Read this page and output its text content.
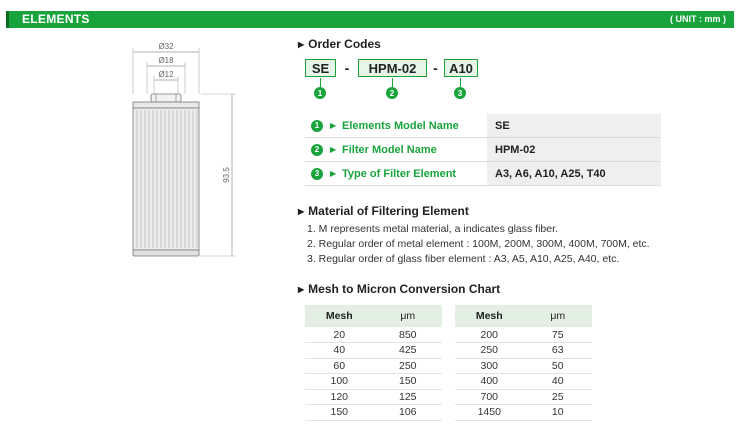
ELEMENTS	( UNIT : mm )
Ø32
Ø18
Ø12
93.5
▶ Order Codes
SE	-	HPM-02	- A10
1	2	3
1	▶ Elements Model Name	SE
2	▶ Filter Model Name	HPM-02
3	▶ Type of Filter Element	A3, A6, A10, A25, T40
▶ Material of Filtering Element
1. M represents metal material, a indicates glass fiber.
2. Regular order of metal element : 100M, 200M, 300M, 400M, 700M, etc.
3. Regular order of glass fiber element : A3, A5, A10, A25, A40, etc.
▶ Mesh to Micron Conversion Chart
Mesh	μm
20	850
40	425
60	250
100	150
120	125
150	106
Mesh	μm
200	75
250	63
300	50
400	40
700	25
1450	10
